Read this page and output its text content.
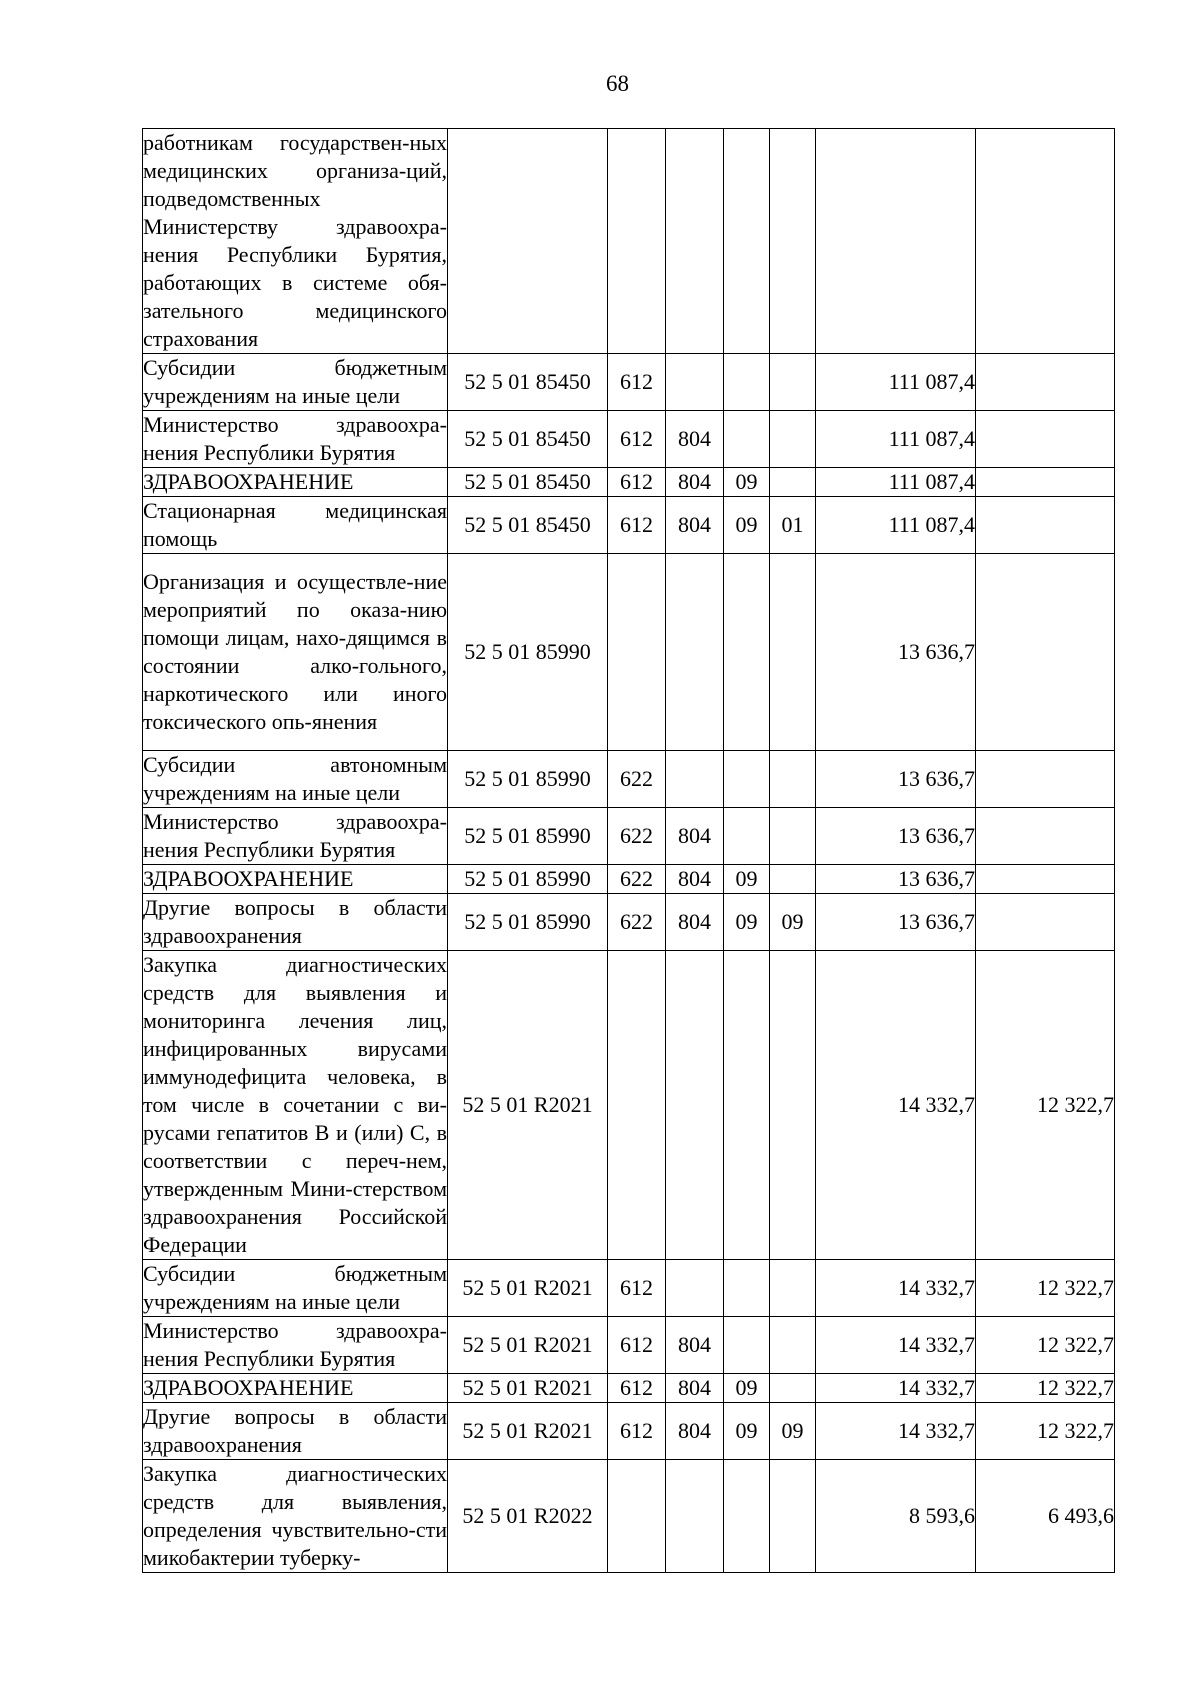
68
работникам государствен-ных медицинских организа-ций, подведомственных Министерству здравоохра-нения Республики Бурятия, работающих в системе обя-зательного медицинского страхования							
Субсидии бюджетным учреждениям на иные цели	52 5 01 85450	612				111 087,4	
Министерство здравоохра-нения Республики Бурятия	52 5 01 85450	612	804			111 087,4	
ЗДРАВООХРАНЕНИЕ	52 5 01 85450	612	804	09		111 087,4	
Стационарная медицинская помощь	52 5 01 85450	612	804	09	01	111 087,4	
Организация и осуществле-ние мероприятий по оказа-нию помощи лицам, нахо-дящимся в состоянии алко-гольного, наркотического или иного токсического опь-янения	52 5 01 85990					13 636,7	
Субсидии автономным учреждениям на иные цели	52 5 01 85990	622				13 636,7	
Министерство здравоохра-нения Республики Бурятия	52 5 01 85990	622	804			13 636,7	
ЗДРАВООХРАНЕНИЕ	52 5 01 85990	622	804	09		13 636,7	
Другие вопросы в области здравоохранения	52 5 01 85990	622	804	09	09	13 636,7	
Закупка диагностических средств для выявления и мониторинга лечения лиц, инфицированных вирусами иммунодефицита человека, в том числе в сочетании с ви-русами гепатитов B и (или) C, в соответствии с переч-нем, утвержденным Мини-стерством здравоохранения Российской Федерации	52 5 01 R2021					14 332,7	12 322,7
Субсидии бюджетным учреждениям на иные цели	52 5 01 R2021	612				14 332,7	12 322,7
Министерство здравоохра-нения Республики Бурятия	52 5 01 R2021	612	804			14 332,7	12 322,7
ЗДРАВООХРАНЕНИЕ	52 5 01 R2021	612	804	09		14 332,7	12 322,7
Другие вопросы в области здравоохранения	52 5 01 R2021	612	804	09	09	14 332,7	12 322,7
Закупка диагностических средств для выявления, определения чувствительно-сти микобактерии туберку-	52 5 01 R2022					8 593,6	6 493,6
